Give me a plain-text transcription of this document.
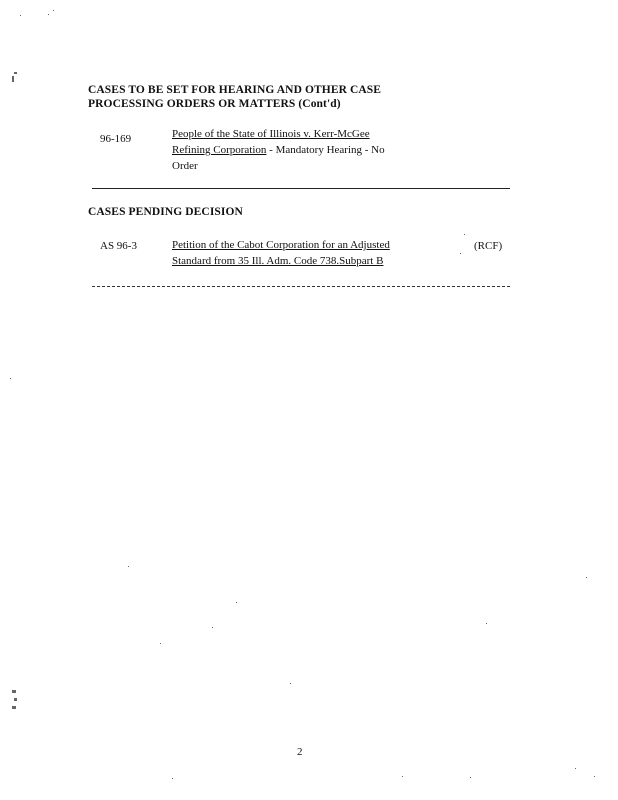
CASES TO BE SET FOR HEARING AND OTHER CASE
PROCESSING ORDERS OR MATTERS (Cont'd)
96-169	People of the State of Illinois v. Kerr-McGee
Refining Corporation - Mandatory Hearing - No
Order
CASES PENDING DECISION
AS 96-3	Petition of the Cabot Corporation for an Adjusted
Standard from 35 Ill. Adm. Code 738.Subpart B
(RCF)
2
